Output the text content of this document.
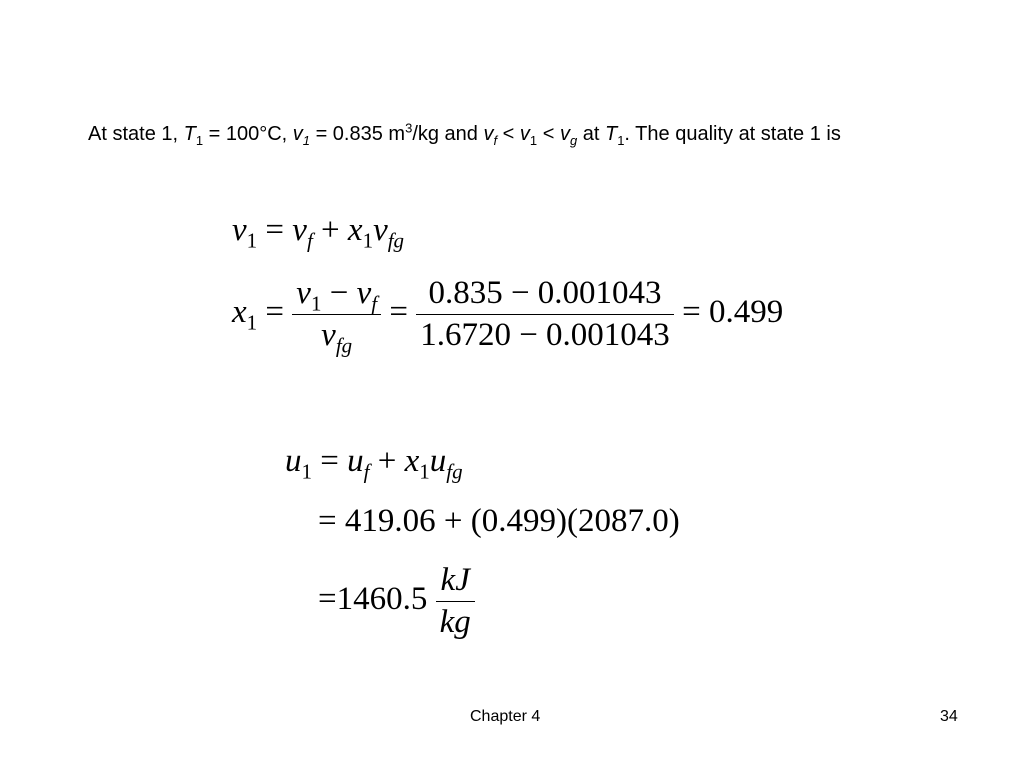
At state 1, $T_1 = 100^\circ C$, $v_1 = 0.835$ $m^3/kg$ and $v_f < v_1 < v_g$ at $T_1$. The quality at state 1 is
$v_1 = v_f + x_1v_{fg}$
$x_1 = \frac{v_1 - v_f}{v_{fg}} = \frac{0.835 - 0.001043}{1.6720 - 0.001043} = 0.499$
$u_1 = u_f + x_1u_{fg}$
= 419.06 + (0.499)(2087.0)
$=1460.5 \frac{kJ}{kg}$
Chapter 4	34
